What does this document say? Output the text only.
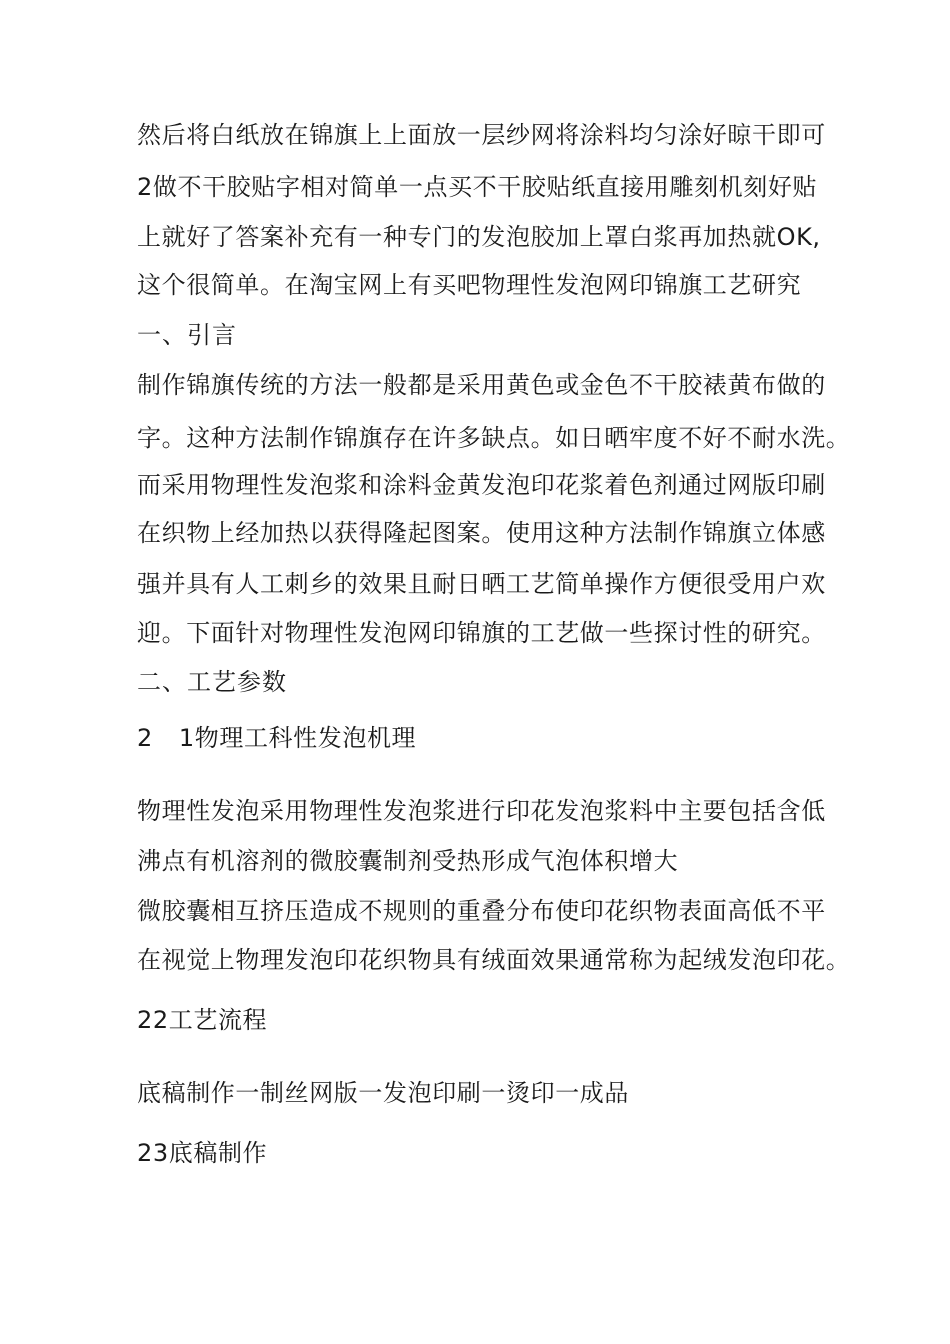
然后将白纸放在锦旗上上面放一层纱网将涂料均匀涂好晾干即可
2做不干胶贴字相对简单一点买不干胶贴纸直接用雕刻机刻好贴
上就好了答案补充有一种专门的发泡胶加上罩白浆再加热就OK,
这个很简单。在淘宝网上有买吧物理性发泡网印锦旗工艺研究
一、引言
制作锦旗传统的方法一般都是采用黄色或金色不干胶裱黄布做的
字。这种方法制作锦旗存在许多缺点。如日晒牢度不好不耐水洗。
而采用物理性发泡浆和涂料金黄发泡印花浆着色剂通过网版印刷
在织物上经加热以获得隆起图案。使用这种方法制作锦旗立体感
强并具有人工刺乡的效果且耐日晒工艺简单操作方便很受用户欢
迎。下面针对物理性发泡网印锦旗的工艺做一些探讨性的研究。
二、工艺参数
2 1物理工科性发泡机理
物理性发泡采用物理性发泡浆进行印花发泡浆料中主要包括含低
沸点有机溶剂的微胶囊制剂受热形成气泡体积增大
微胶囊相互挤压造成不规则的重叠分布使印花织物表面高低不平
在视觉上物理发泡印花织物具有绒面效果通常称为起绒发泡印花。
22工艺流程
底稿制作一制丝网版一发泡印刷一烫印一成品
23底稿制作
